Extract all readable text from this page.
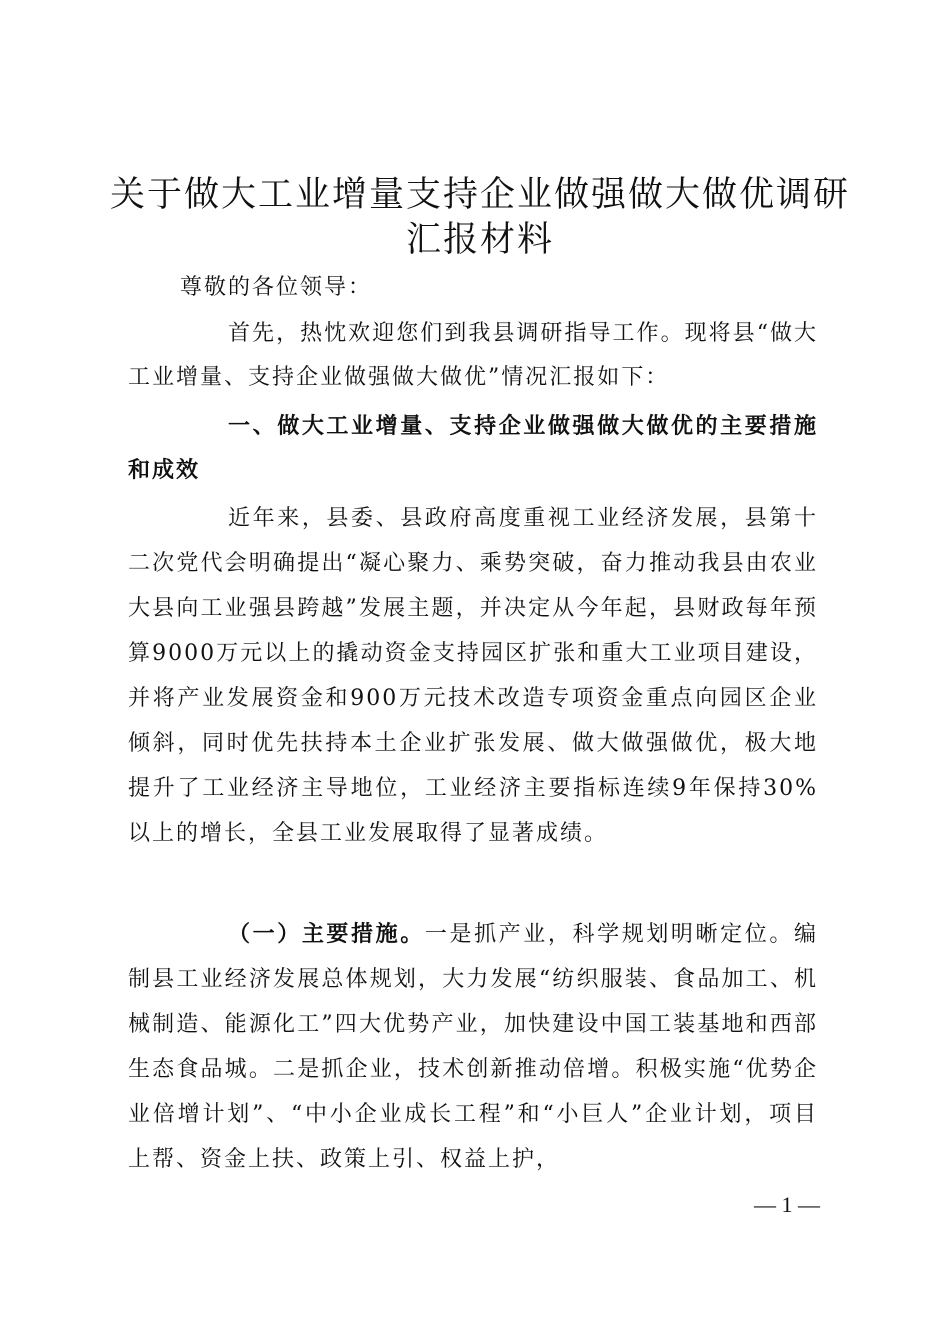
关于做大工业增量支持企业做强做大做优调研
汇报材料
尊敬的各位领导：
首先，热忱欢迎您们到我县调研指导工作。现将县“做大工业增量、支持企业做强做大做优”情况汇报如下：
一、做大工业增量、支持企业做强做大做优的主要措施和成效
近年来，县委、县政府高度重视工业经济发展，县第十二次党代会明确提出“凝心聚力、乘势突破，奋力推动我县由农业大县向工业强县跨越”发展主题，并决定从今年起，县财政每年预算9000万元以上的撬动资金支持园区扩张和重大工业项目建设，并将产业发展资金和900万元技术改造专项资金重点向园区企业倾斜，同时优先扶持本土企业扩张发展、做大做强做优，极大地提升了工业经济主导地位，工业经济主要指标连续9年保持30%以上的增长，全县工业发展取得了显著成绩。
（一）主要措施。一是抓产业，科学规划明晰定位。编制县工业经济发展总体规划，大力发展“纺织服装、食品加工、机械制造、能源化工”四大优势产业，加快建设中国工装基地和西部生态食品城。二是抓企业，技术创新推动倍增。积极实施“优势企业倍增计划”、“中小企业成长工程”和“小巨人”企业计划，项目上帮、资金上扶、政策上引、权益上护，
— 1 —
